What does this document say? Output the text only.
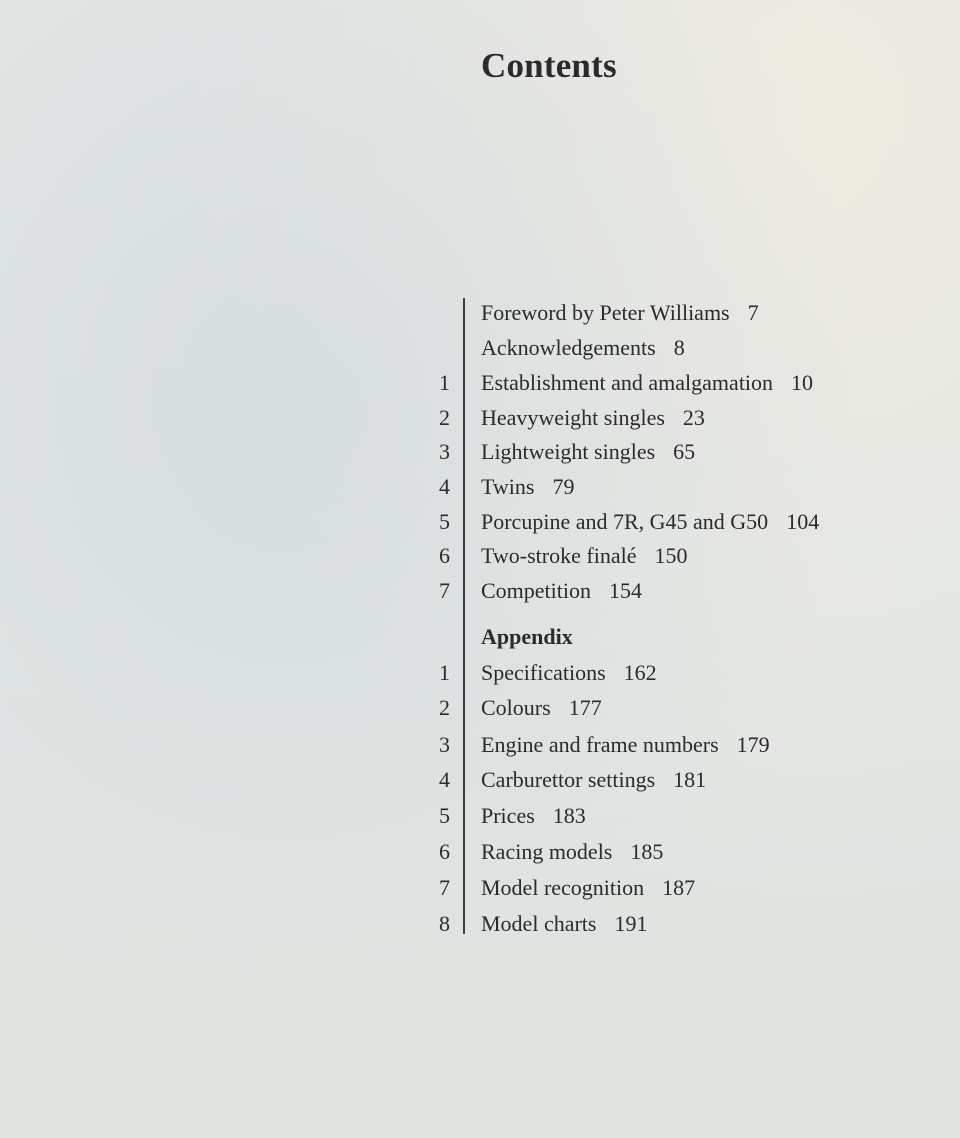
Contents
Foreword by Peter Williams 7
Acknowledgements 8
1 Establishment and amalgamation 10
2 Heavyweight singles 23
3 Lightweight singles 65
4 Twins 79
5 Porcupine and 7R, G45 and G50 104
6 Two-stroke finalé 150
7 Competition 154
Appendix
1 Specifications 162
2 Colours 177
3 Engine and frame numbers 179
4 Carburettor settings 181
5 Prices 183
6 Racing models 185
7 Model recognition 187
8 Model charts 191
